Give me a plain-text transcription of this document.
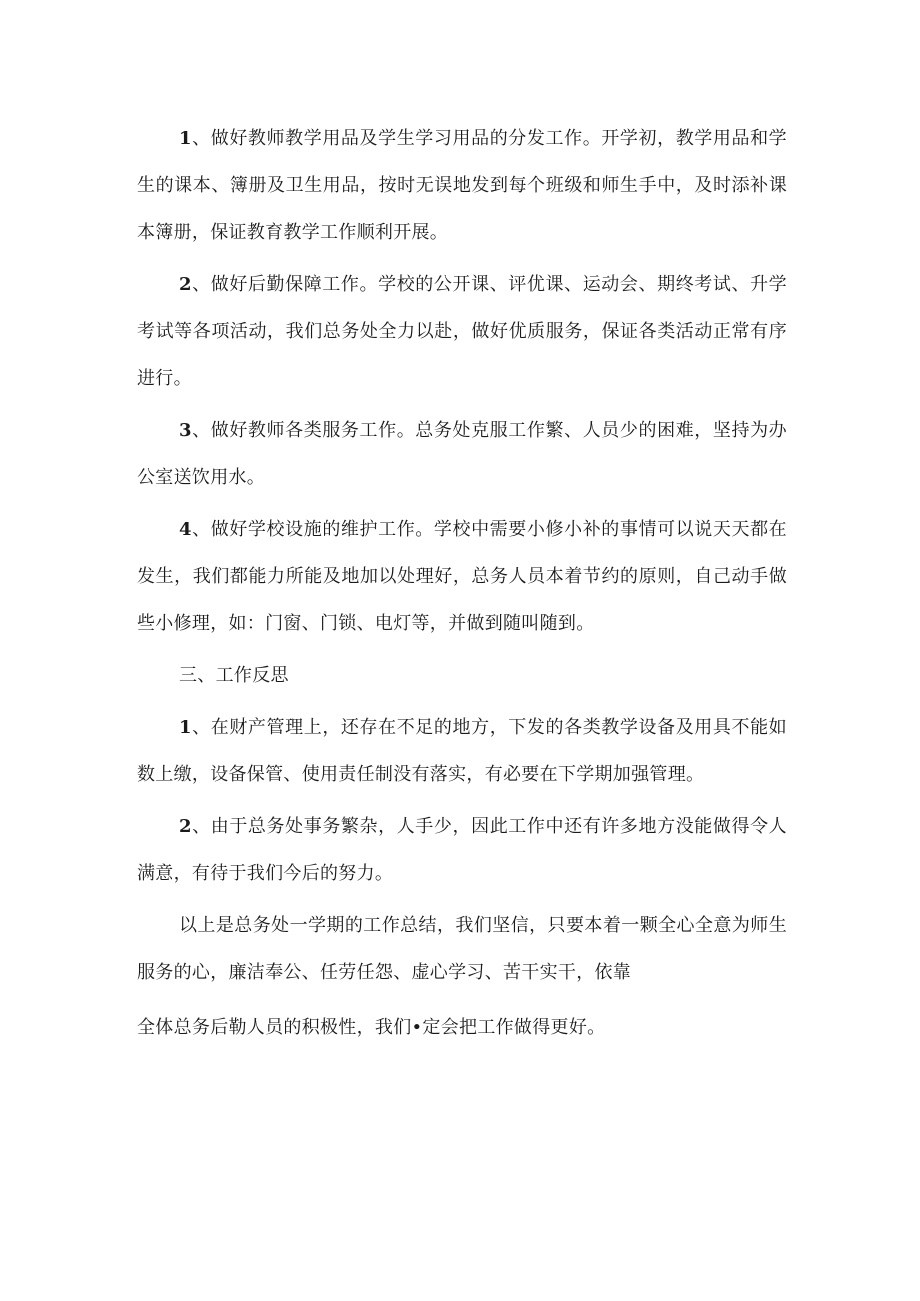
1、做好教师教学用品及学生学习用品的分发工作。开学初，教学用品和学生的课本、簿册及卫生用品，按时无误地发到每个班级和师生手中，及时添补课本簿册，保证教育教学工作顺利开展。

2、做好后勤保障工作。学校的公开课、评优课、运动会、期终考试、升学考试等各项活动，我们总务处全力以赴，做好优质服务，保证各类活动正常有序进行。

3、做好教师各类服务工作。总务处克服工作繁、人员少的困难，坚持为办公室送饮用水。

4、做好学校设施的维护工作。学校中需要小修小补的事情可以说天天都在发生，我们都能力所能及地加以处理好，总务人员本着节约的原则，自己动手做些小修理，如：门窗、门锁、电灯等，并做到随叫随到。

三、工作反思

1、在财产管理上，还存在不足的地方，下发的各类教学设备及用具不能如数上缴，设备保管、使用责任制没有落实，有必要在下学期加强管理。

2、由于总务处事务繁杂，人手少，因此工作中还有许多地方没能做得令人满意，有待于我们今后的努力。

以上是总务处一学期的工作总结，我们坚信，只要本着一颗全心全意为师生服务的心，廉洁奉公、任劳任怨、虚心学习、苦干实干，依靠

全体总务后勒人员的积极性，我们•定会把工作做得更好。
